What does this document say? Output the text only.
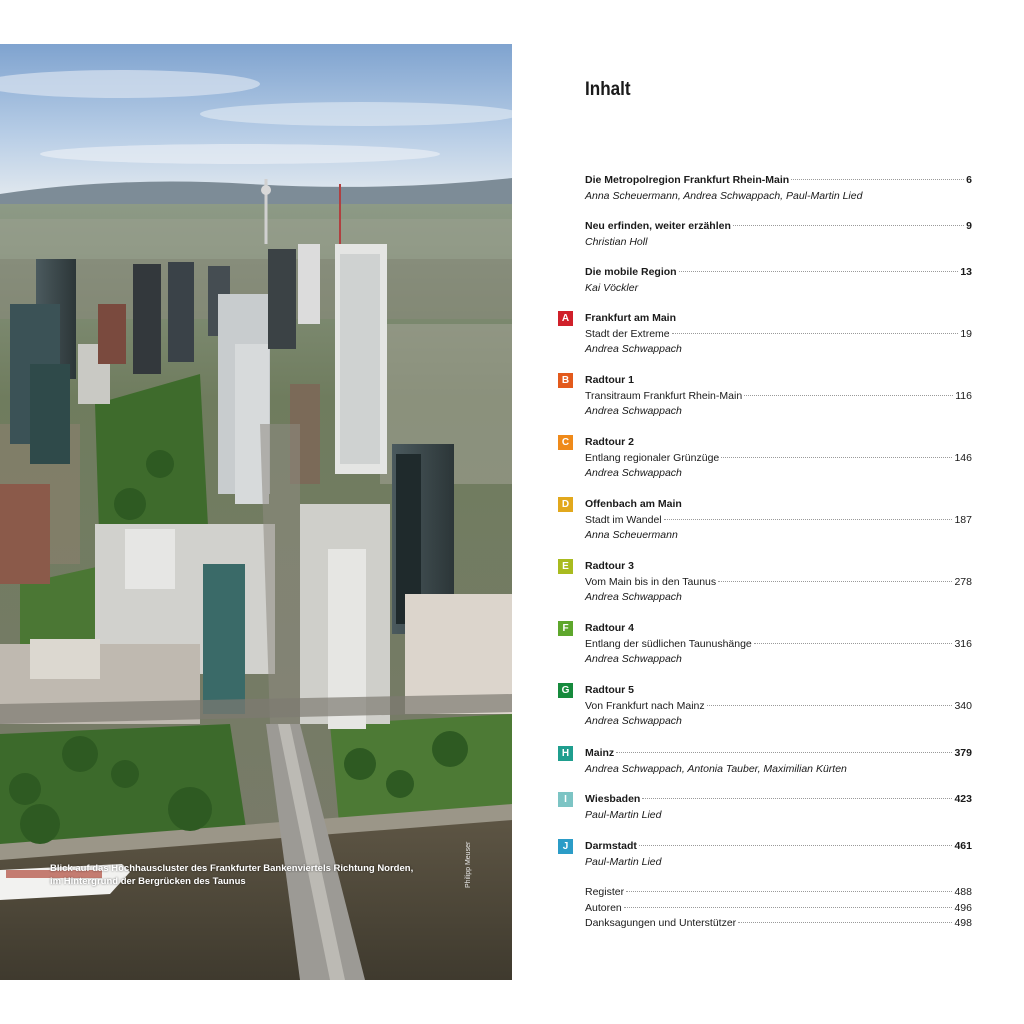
Blick auf das Hochhauscluster des Frankfurter Bankenviertels Richtung Norden,
im Hintergrund der Bergrücken des Taunus	Philipp Meuser
Inhalt
Die Metropolregion Frankfurt Rhein-Main	6
Anna Scheuermann, Andrea Schwappach, Paul-Martin Lied
Neu erfinden, weiter erzählen	9
Christian Holl
Die mobile Region	13
Kai Vöckler
A	Frankfurt am Main
Stadt der Extreme	19
Andrea Schwappach
B	Radtour 1
Transitraum Frankfurt Rhein-Main	116
Andrea Schwappach
C	Radtour 2
Entlang regionaler Grünzüge	146
Andrea Schwappach
D	Offenbach am Main
Stadt im Wandel	187
Anna Scheuermann
E	Radtour 3
Vom Main bis in den Taunus	278
Andrea Schwappach
F	Radtour 4
Entlang der südlichen Taunushänge	316
Andrea Schwappach
G	Radtour 5
Von Frankfurt nach Mainz	340
Andrea Schwappach
H	Mainz	379
Andrea Schwappach, Antonia Tauber, Maximilian Kürten
I	Wiesbaden	423
Paul-Martin Lied
J	Darmstadt	461
Paul-Martin Lied
Register	488
Autoren	496
Danksagungen und Unterstützer	498
